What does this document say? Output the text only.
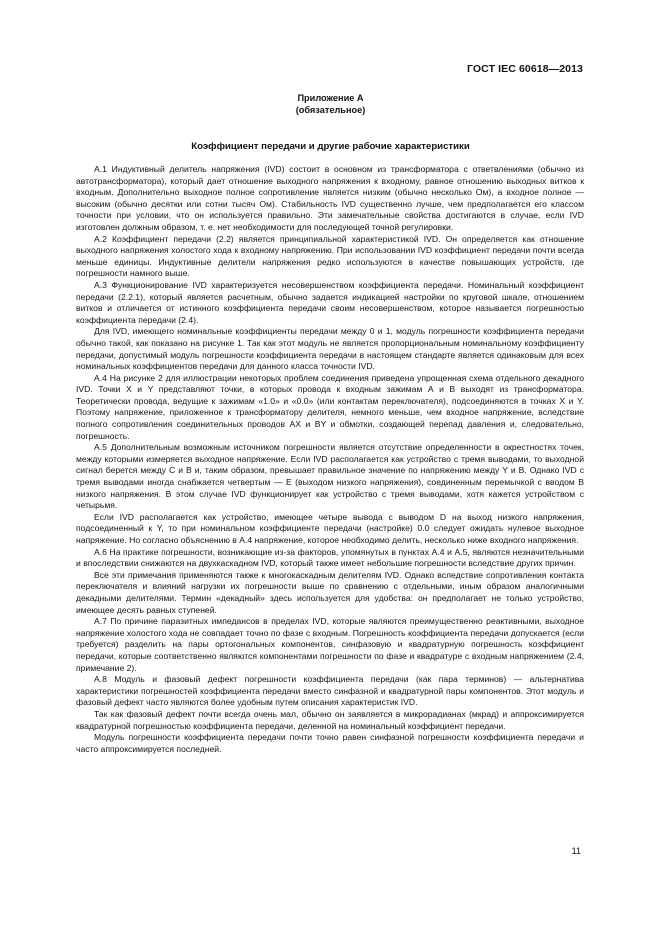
ГОСТ IEC 60618—2013
Приложение А
(обязательное)
Коэффициент передачи и другие рабочие характеристики

А.1 Индуктивный делитель напряжения (IVD) состоит в основном из трансформатора с ответвлениями (обычно из автотрансформатора), который дает отношение выходного напряжения к входному, равное отношению выходных витков к входным. Дополнительно выходное полное сопротивление является низким (обычно несколько Ом), а входное полное — высоким (обычно десятки или сотни тысяч Ом). Стабильность IVD существенно лучше, чем предполагается его классом точности при условии, что он используется правильно. Эти замечательные свойства достигаются в случае, если IVD изготовлен должным образом, т. е. нет необходимости для последующей точной регулировки.

А.2 Коэффициент передачи (2.2) является принципиальной характеристикой IVD. Он определяется как отношение выходного напряжения холостого хода к входному напряжению. При использовании IVD коэффициент передачи почти всегда меньше единицы. Индуктивные делители напряжения редко используются в качестве повышающих устройств, где погрешности намного выше.

А.3 Функционирование IVD характеризуется несовершенством коэффициента передачи. Номинальный коэффициент передачи (2.2.1), который является расчетным, обычно задается индикацией настройки по круговой шкале, отношением витков и отличается от истинного коэффициента передачи своим несовершенством, которое называется погрешностью коэффициента передачи (2.4).

Для IVD, имеющего номинальные коэффициенты передачи между 0 и 1, модуль погрешности коэффициента передачи обычно такой, как показано на рисунке 1. Так как этот модуль не является пропорциональным номинальному коэффициенту передачи, допустимый модуль погрешности коэффициента передачи в настоящем стандарте является одинаковым для всех номинальных коэффициентов передачи для данного класса точности IVD.

А.4 На рисунке 2 для иллюстрации некоторых проблем соединения приведена упрощенная схема отдельного декадного IVD. Точки X и Y представляют точки, в которых провода к входным зажимам А и В выходят из трансформатора. Теоретически провода, ведущие к зажимам «1.0» и «0.0» (или контактам переключателя), подсоединяются в точках X и Y. Поэтому напряжение, приложенное к трансформатору делителя, немного меньше, чем входное напряжение, вследствие полного сопротивления соединительных проводов АХ и ВY и обмотки, создающей перепад давления и, следовательно, погрешность.

А.5 Дополнительным возможным источником погрешности является отсутствие определенности в окрестностях точек, между которыми измеряется выходное напряжение. Если IVD располагается как устройство с тремя выводами, то выходной сигнал берется между С и В и, таким образом, превышает правильное значение по напряжению между Y и В. Однако IVD с тремя выводами иногда снабжается четвертым — Е (выходом низкого напряжения), соединенным перемычкой с вводом В низкого напряжения. В этом случае IVD функционирует как устройство с тремя выводами, хотя кажется устройством с четырьмя.

Если IVD располагается как устройство, имеющее четыре вывода с выводом D на выход низкого напряжения, подсоединенный к Y, то при номинальном коэффициенте передачи (настройке) 0.0 следует ожидать нулевое выходное напряжение. Но согласно объяснению в А.4 напряжение, которое необходимо делить, несколько ниже входного напряжения.

А.6 На практике погрешности, возникающие из-за факторов, упомянутых в пунктах А.4 и А.5, являются незначительными и впоследствии снижаются на двухкаскадном IVD, который также имеет небольшие погрешности вследствие других причин.

Все эти примечания применяются также к многокаскадным делителям IVD. Однако вследствие сопротивления контакта переключателя и влияний нагрузки их погрешности выше по сравнению с отдельными, иным образом аналогичными декадными делителями. Термин «декадный» здесь используется для удобства: он предполагает не только устройство, имеющее десять равных ступеней.

А.7 По причине паразитных импедансов в пределах IVD, которые являются преимущественно реактивными, выходное напряжение холостого хода не совпадает точно по фазе с входным. Погрешность коэффициента передачи допускается (если требуется) разделить на пары ортогональных компонентов, синфазовую и квадратурную погрешность коэффициент передачи, которые соответственно являются компонентами погрешности по фазе и квадратуре с входным напряжением (2.4, примечание 2).

А.8 Модуль и фазовый дефект погрешности коэффициента передачи (как пара терминов) — альтернатива характеристики погрешностей коэффициента передачи вместо синфазной и квадратурной пары компонентов. Этот модуль и фазовый дефект часто являются более удобным путем описания характеристик IVD.

Так как фазовый дефект почти всегда очень мал, обычно он заявляется в микрорадианах (мкрад) и аппроксимируется квадратурной погрешностью коэффициента передачи, деленной на номинальный коэффициент передачи.

Модуль погрешности коэффициента передачи почти точно равен синфазной погрешности коэффициента передачи и часто аппроксимируется последней.

11
